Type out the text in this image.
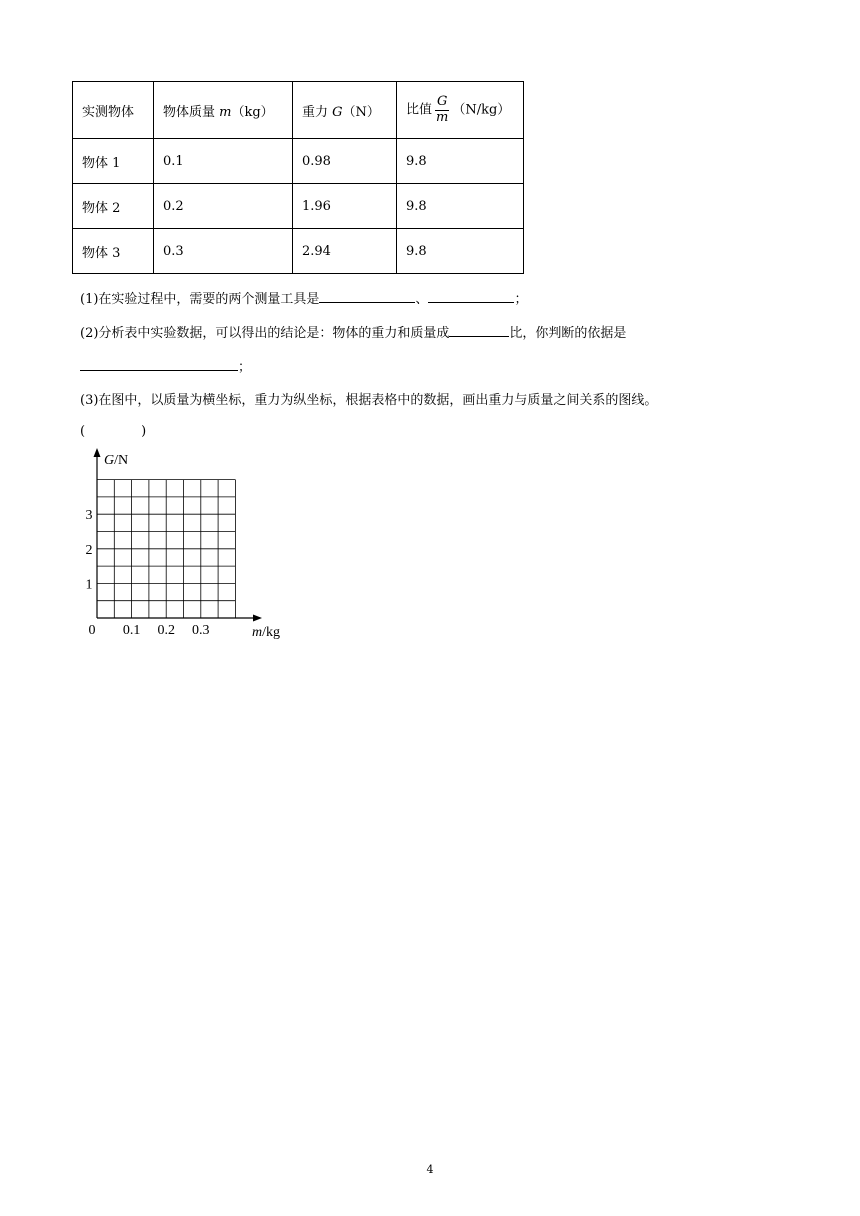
实测物体	物体质量 m（kg）	重力 G（N）	比值 $\frac{G}{m} (N/kg)$
物体 1	0.1	0.98	9.8
物体 2	0.2	1.96	9.8
物体 3	0.3	2.94	9.8
(1)在实验过程中，需要的两个测量工具是	、	；
(2)分析表中实验数据，可以得出的结论是：物体的重力和质量成	比，你判断的依据是
；
(3)在图中，以质量为横坐标，重力为纵坐标，根据表格中的数据，画出重力与质量之间关系的图线。
(	)
G/N
m/kg
0 0.1 0.2 0.3
1
2
3
4
